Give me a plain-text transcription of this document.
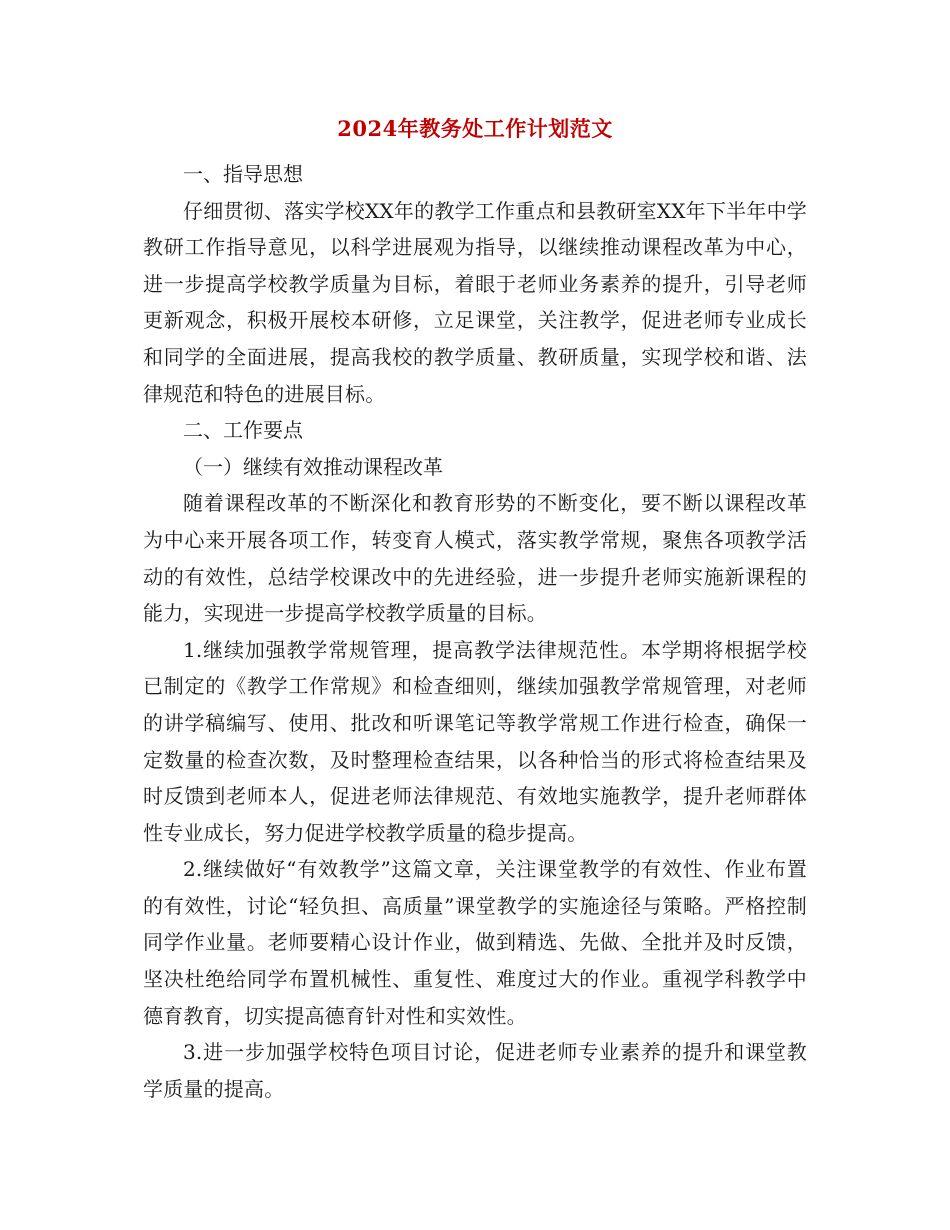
2024年教务处工作计划范文

一、指导思想

仔细贯彻、落实学校XX年的教学工作重点和县教研室XX年下半年中学教研工作指导意见，以科学进展观为指导，以继续推动课程改革为中心，进一步提高学校教学质量为目标，着眼于老师业务素养的提升，引导老师更新观念，积极开展校本研修，立足课堂，关注教学，促进老师专业成长和同学的全面进展，提高我校的教学质量、教研质量，实现学校和谐、法律规范和特色的进展目标。

二、工作要点

（一）继续有效推动课程改革

随着课程改革的不断深化和教育形势的不断变化，要不断以课程改革为中心来开展各项工作，转变育人模式，落实教学常规，聚焦各项教学活动的有效性，总结学校课改中的先进经验，进一步提升老师实施新课程的能力，实现进一步提高学校教学质量的目标。

1.继续加强教学常规管理，提高教学法律规范性。本学期将根据学校已制定的《教学工作常规》和检查细则，继续加强教学常规管理，对老师的讲学稿编写、使用、批改和听课笔记等教学常规工作进行检查，确保一定数量的检查次数，及时整理检查结果，以各种恰当的形式将检查结果及时反馈到老师本人，促进老师法律规范、有效地实施教学，提升老师群体性专业成长，努力促进学校教学质量的稳步提高。

2.继续做好“有效教学”这篇文章，关注课堂教学的有效性、作业布置的有效性，讨论“轻负担、高质量”课堂教学的实施途径与策略。严格控制同学作业量。老师要精心设计作业，做到精选、先做、全批并及时反馈，坚决杜绝给同学布置机械性、重复性、难度过大的作业。重视学科教学中德育教育，切实提高德育针对性和实效性。

3.进一步加强学校特色项目讨论，促进老师专业素养的提升和课堂教学质量的提高。
